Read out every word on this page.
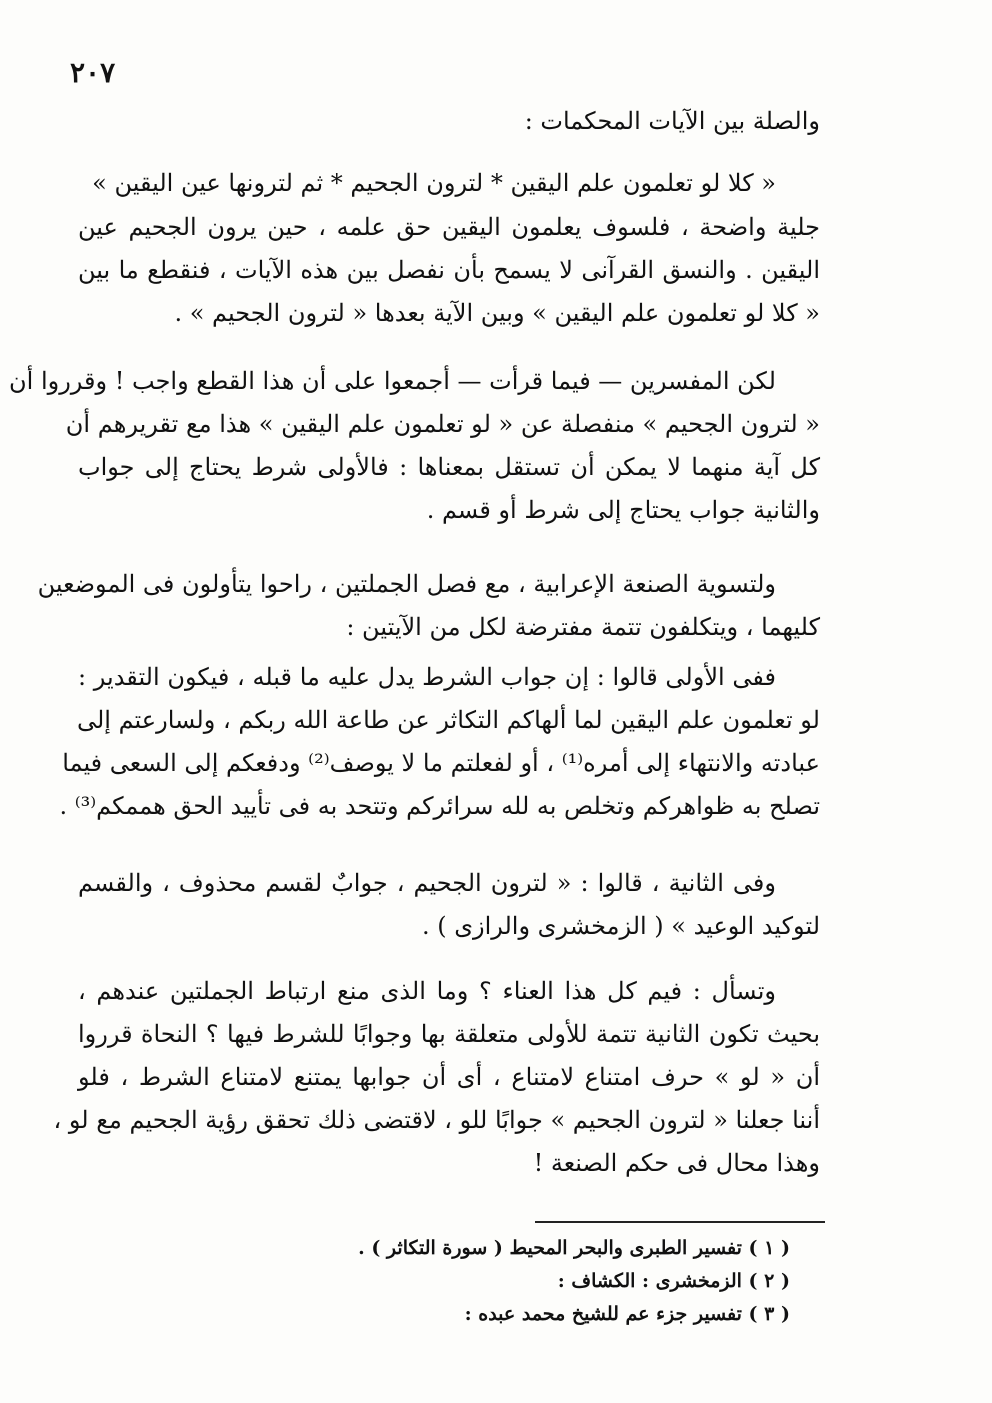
٢٠٧
والصلة بين الآيات المحكمات :
« كلا لو تعلمون علم اليقين * لترون الجحيم * ثم لترونها عين اليقين »
جلية واضحة ، فلسوف يعلمون اليقين حق علمه ، حين يرون الجحيم عين
اليقين . والنسق القرآنى لا يسمح بأن نفصل بين هذه الآيات ، فنقطع ما بين
« كلا لو تعلمون علم اليقين » وبين الآية بعدها « لترون الجحيم » .
لكن المفسرين — فيما قرأت — أجمعوا على أن هذا القطع واجب ! وقرروا أن
« لترون الجحيم » منفصلة عن « لو تعلمون علم اليقين » هذا مع تقريرهم أن
كل آية منهما لا يمكن أن تستقل بمعناها : فالأولى شرط يحتاج إلى جواب
والثانية جواب يحتاج إلى شرط أو قسم .
ولتسوية الصنعة الإعرابية ، مع فصل الجملتين ، راحوا يتأولون فى الموضعين
كليهما ، ويتكلفون تتمة مفترضة لكل من الآيتين :
ففى الأولى قالوا : إن جواب الشرط يدل عليه ما قبله ، فيكون التقدير :
لو تعلمون علم اليقين لما ألهاكم التكاثر عن طاعة الله ربكم ، ولسارعتم إلى
عبادته والانتهاء إلى أمره⁽¹⁾ ، أو لفعلتم ما لا يوصف⁽²⁾ ودفعكم إلى السعى فيما
تصلح به ظواهركم وتخلص به لله سرائركم وتتحد به فى تأييد الحق هممكم⁽³⁾ .
وفى الثانية ، قالوا : « لترون الجحيم ، جوابٌ لقسم محذوف ، والقسم
لتوكيد الوعيد » ( الزمخشرى والرازى ) .
وتسأل : فيم كل هذا العناء ؟ وما الذى منع ارتباط الجملتين عندهم ،
بحيث تكون الثانية تتمة للأولى متعلقة بها وجوابًا للشرط فيها ؟ النحاة قرروا
أن « لو » حرف امتناع لامتناع ، أى أن جوابها يمتنع لامتناع الشرط ، فلو
أننا جعلنا « لترون الجحيم » جوابًا للو ، لاقتضى ذلك تحقق رؤية الجحيم مع لو ،
وهذا محال فى حكم الصنعة !
( ١ ) تفسير الطبرى والبحر المحيط ( سورة التكاثر ) .
( ٢ ) الزمخشرى : الكشاف :
( ٣ ) تفسير جزء عم للشيخ محمد عبده :
